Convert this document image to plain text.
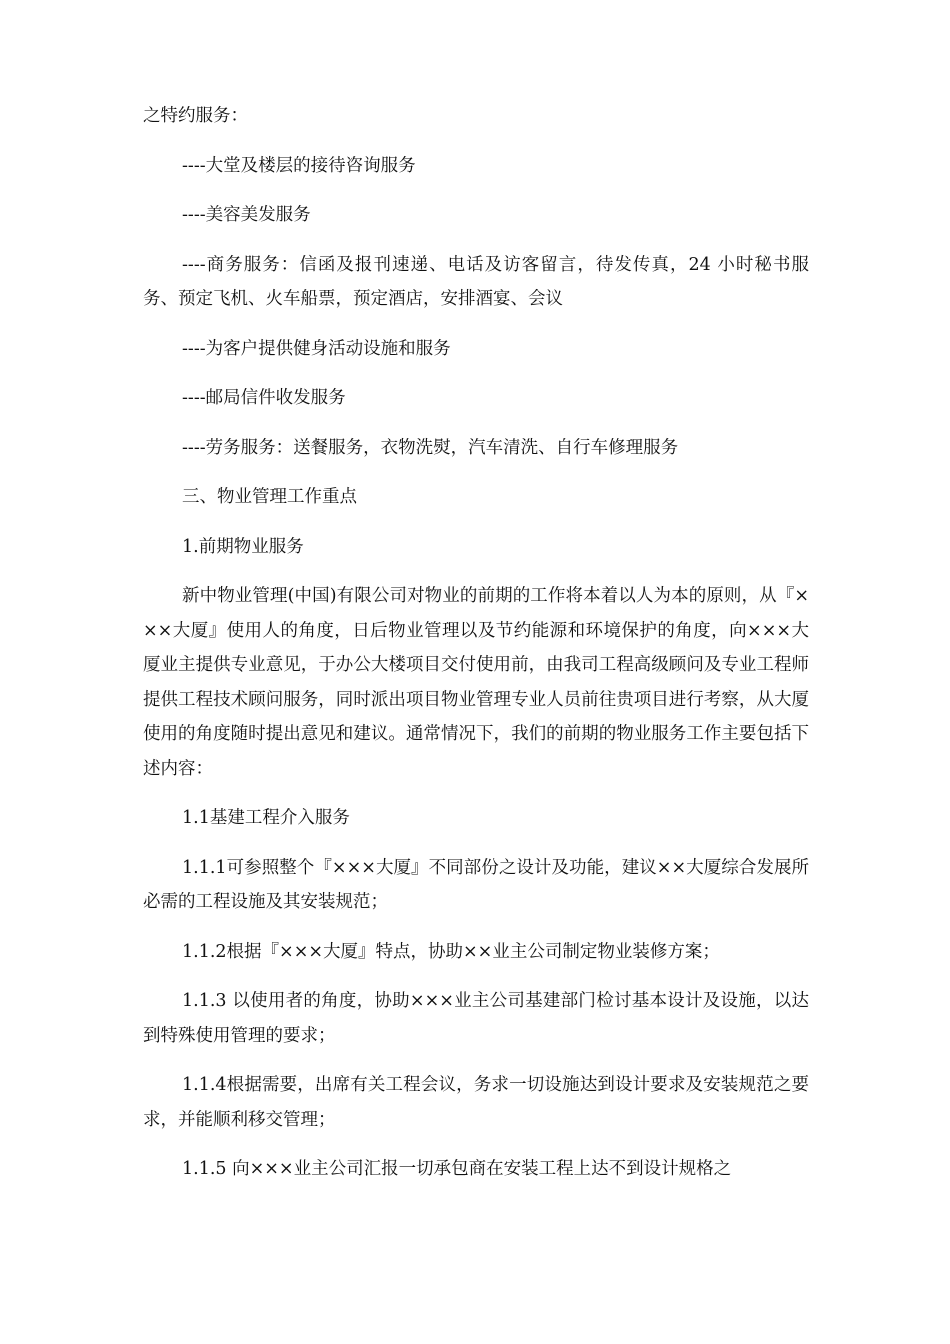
之特约服务：

----大堂及楼层的接待咨询服务

----美容美发服务

----商务服务：信函及报刊速递、电话及访客留言，待发传真，24 小时秘书服务、预定飞机、火车船票，预定酒店，安排酒宴、会议

----为客户提供健身活动设施和服务

----邮局信件收发服务

----劳务服务：送餐服务，衣物洗熨，汽车清洗、自行车修理服务

三、物业管理工作重点

1.前期物业服务

新中物业管理(中国)有限公司对物业的前期的工作将本着以人为本的原则，从『×××大厦』使用人的角度，日后物业管理以及节约能源和环境保护的角度，向×××大厦业主提供专业意见，于办公大楼项目交付使用前，由我司工程高级顾问及专业工程师提供工程技术顾问服务，同时派出项目物业管理专业人员前往贵项目进行考察，从大厦使用的角度随时提出意见和建议。通常情况下，我们的前期的物业服务工作主要包括下述内容：

1.1基建工程介入服务

1.1.1可参照整个『×××大厦』不同部份之设计及功能，建议××大厦综合发展所必需的工程设施及其安装规范；

1.1.2根据『×××大厦』特点，协助××业主公司制定物业装修方案；

1.1.3 以使用者的角度，协助×××业主公司基建部门检讨基本设计及设施，以达到特殊使用管理的要求；

1.1.4根据需要，出席有关工程会议，务求一切设施达到设计要求及安装规范之要求，并能顺利移交管理；

1.1.5 向×××业主公司汇报一切承包商在安装工程上达不到设计规格之
